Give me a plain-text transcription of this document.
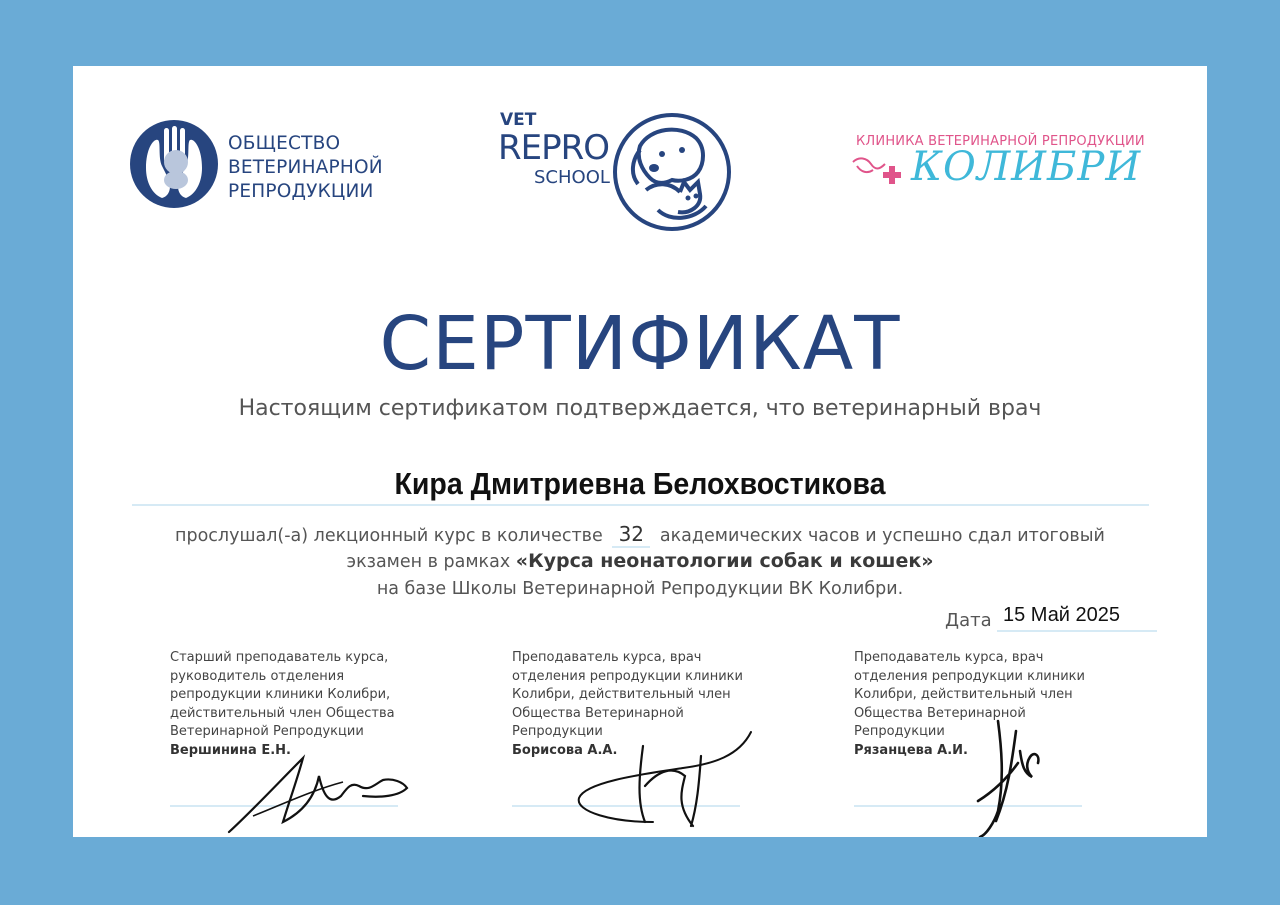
ОБЩЕСТВО
ВЕТЕРИНАРНОЙ
РЕПРОДУКЦИИ
VET
REPRO
SCHOOL
КЛИНИКА ВЕТЕРИНАРНОЙ РЕПРОДУКЦИИ
КОЛИБРИ
СЕРТИФИКАТ
Настоящим сертификатом подтверждается, что ветеринарный врач
Кира Дмитриевна Белохвостикова
прослушал(-а) лекционный курс в количестве 32 академических часов и успешно сдал итоговый
экзамен в рамках «Курса неонатологии собак и кошек»
на базе Школы Ветеринарной Репродукции ВК Колибри.
Дата 15 Май 2025
Старший преподаватель курса,
руководитель отделения
репродукции клиники Колибри,
действительный член Общества
Ветеринарной Репродукции
Вершинина Е.Н.
Преподаватель курса, врач
отделения репродукции клиники
Колибри, действительный член
Общества Ветеринарной
Репродукции
Борисова А.А.
Преподаватель курса, врач
отделения репродукции клиники
Колибри, действительный член
Общества Ветеринарной
Репродукции
Рязанцева А.И.
